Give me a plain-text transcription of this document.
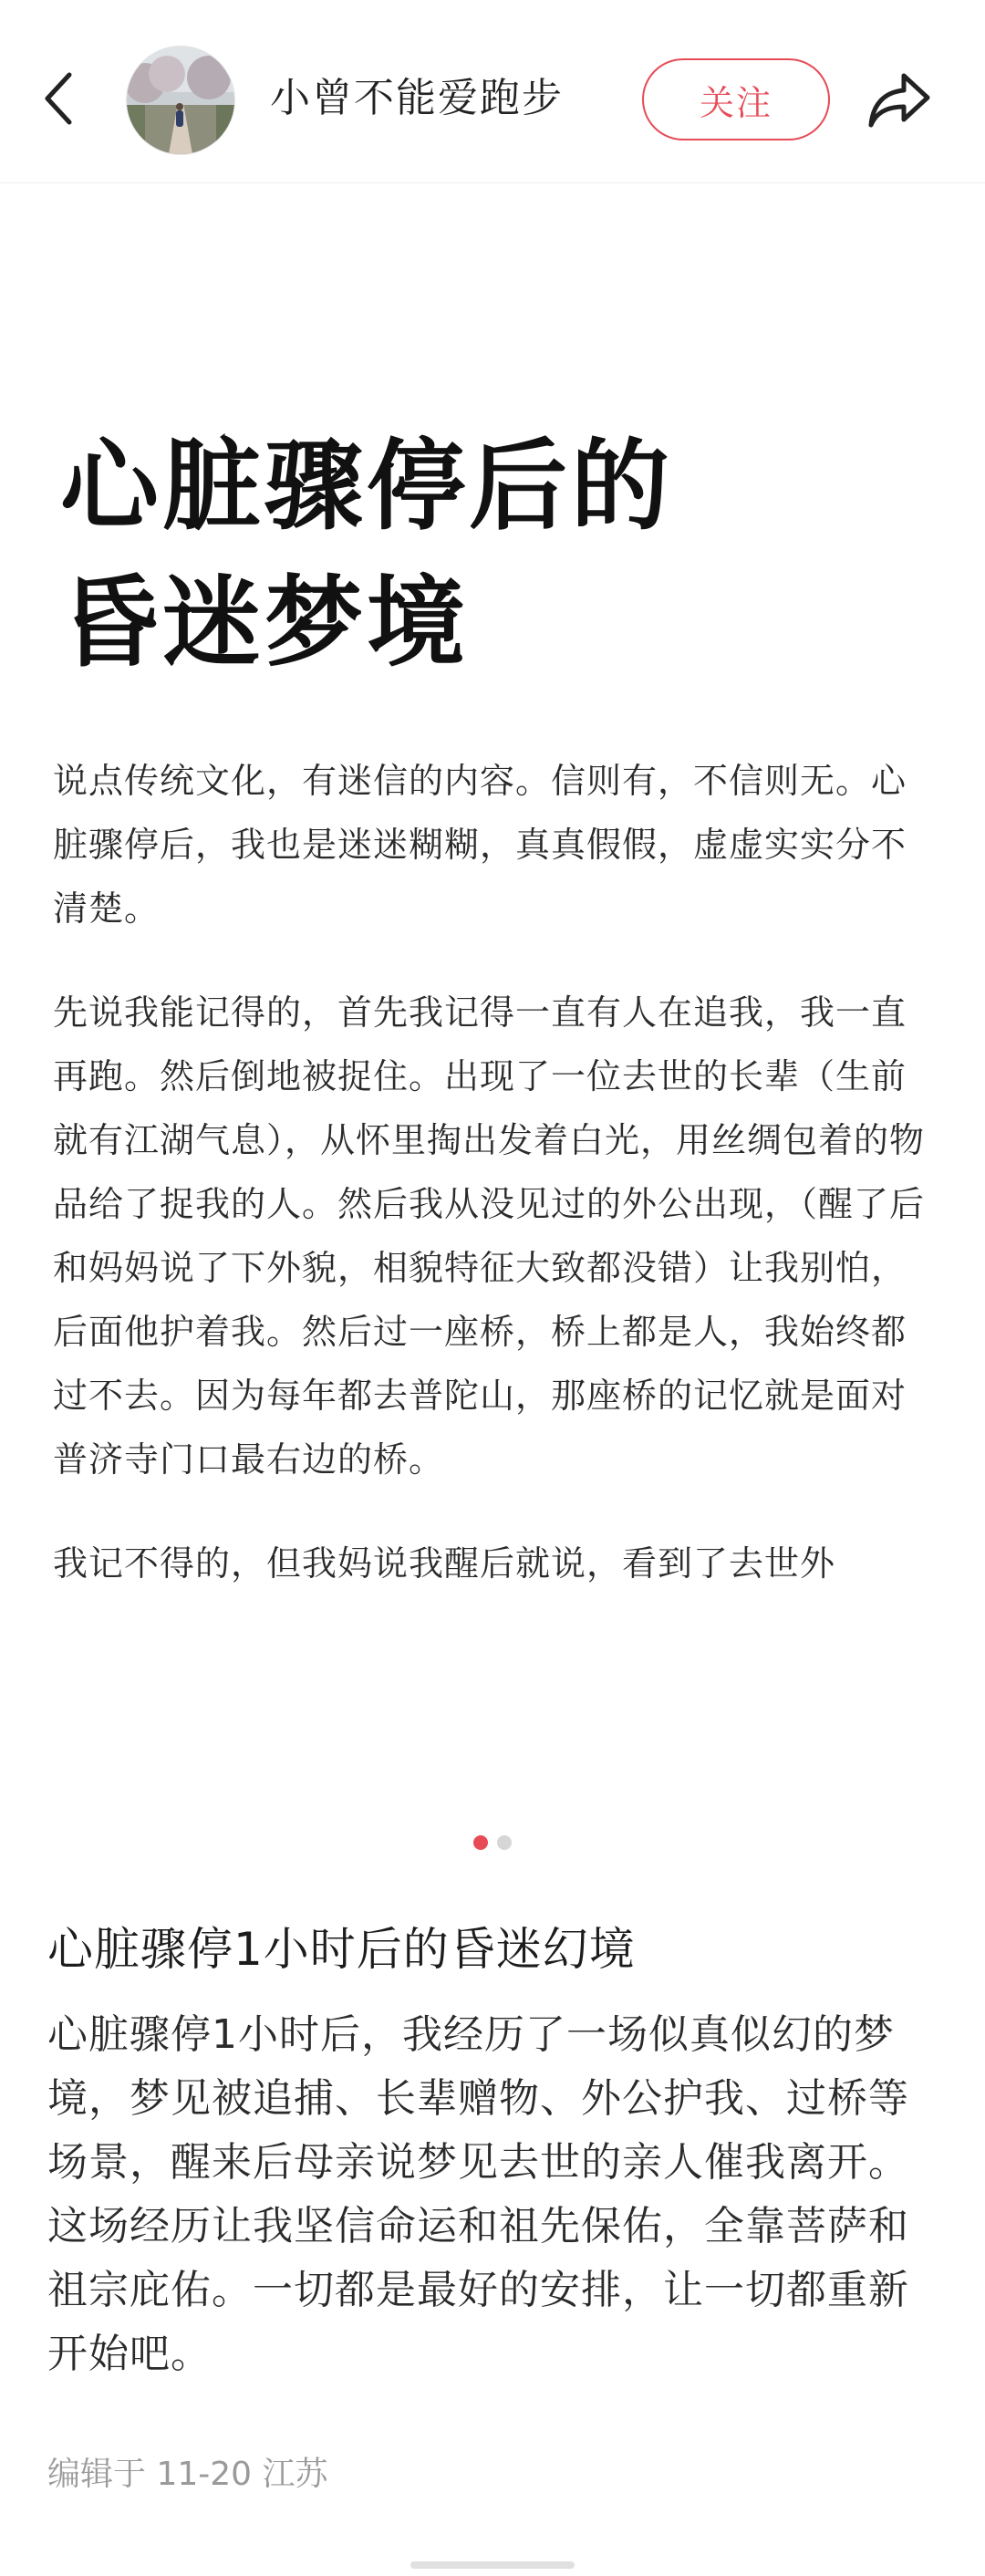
小曾不能爱跑步	关注
心脏骤停后的
昏迷梦境

说点传统文化，有迷信的内容。信则有，不信则无。心脏骤停后，我也是迷迷糊糊，真真假假，虚虚实实分不清楚。

先说我能记得的，首先我记得一直有人在追我，我一直再跑。然后倒地被捉住。出现了一位去世的长辈（生前就有江湖气息），从怀里掏出发着白光，用丝绸包着的物品给了捉我的人。然后我从没见过的外公出现，（醒了后和妈妈说了下外貌，相貌特征大致都没错）让我别怕，后面他护着我。然后过一座桥，桥上都是人，我始终都过不去。因为每年都去普陀山，那座桥的记忆就是面对普济寺门口最右边的桥。

我记不得的，但我妈说我醒后就说，看到了去世外

心脏骤停1小时后的昏迷幻境

心脏骤停1小时后，我经历了一场似真似幻的梦境，梦见被追捕、长辈赠物、外公护我、过桥等场景，醒来后母亲说梦见去世的亲人催我离开。这场经历让我坚信命运和祖先保佑，全靠菩萨和祖宗庇佑。一切都是最好的安排，让一切都重新开始吧。

编辑于 11-20 江苏
